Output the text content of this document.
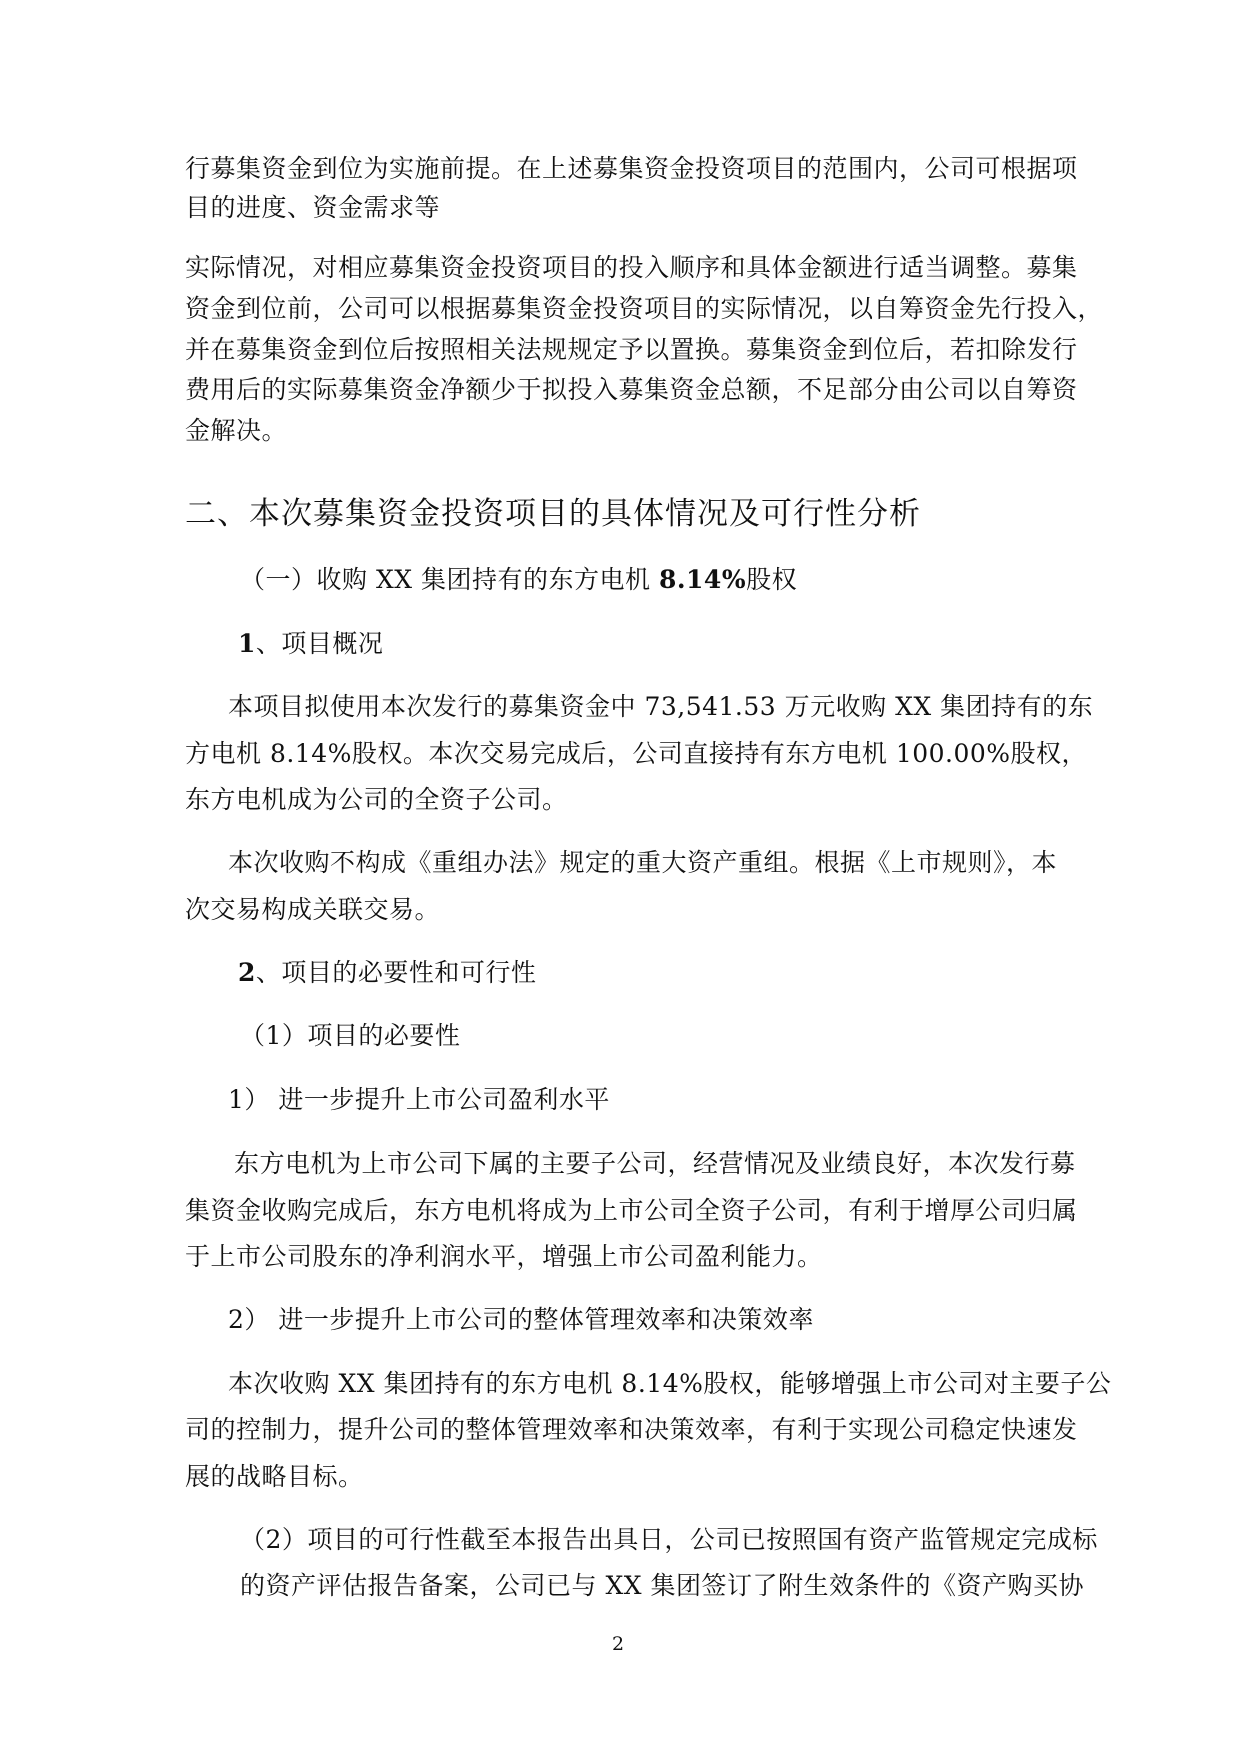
行募集资金到位为实施前提。在上述募集资金投资项目的范围内，公司可根据项
目的进度、资金需求等
实际情况，对相应募集资金投资项目的投入顺序和具体金额进行适当调整。募集
资金到位前，公司可以根据募集资金投资项目的实际情况，以自筹资金先行投入，
并在募集资金到位后按照相关法规规定予以置换。募集资金到位后，若扣除发行
费用后的实际募集资金净额少于拟投入募集资金总额，不足部分由公司以自筹资
金解决。
二、本次募集资金投资项目的具体情况及可行性分析
（一）收购 XX 集团持有的东方电机 8.14%股权
1、项目概况
本项目拟使用本次发行的募集资金中 73,541.53 万元收购 XX 集团持有的东
方电机 8.14%股权。本次交易完成后，公司直接持有东方电机 100.00%股权，
东方电机成为公司的全资子公司。
本次收购不构成《重组办法》规定的重大资产重组。根据《上市规则》，本
次交易构成关联交易。
2、项目的必要性和可行性
（1）项目的必要性
1） 进一步提升上市公司盈利水平
东方电机为上市公司下属的主要子公司，经营情况及业绩良好，本次发行募
集资金收购完成后，东方电机将成为上市公司全资子公司，有利于增厚公司归属
于上市公司股东的净利润水平，增强上市公司盈利能力。
2） 进一步提升上市公司的整体管理效率和决策效率
本次收购 XX 集团持有的东方电机 8.14%股权，能够增强上市公司对主要子公
司的控制力，提升公司的整体管理效率和决策效率，有利于实现公司稳定快速发
展的战略目标。
（2）项目的可行性截至本报告出具日，公司已按照国有资产监管规定完成标
的资产评估报告备案，公司已与 XX 集团签订了附生效条件的《资产购买协
2
